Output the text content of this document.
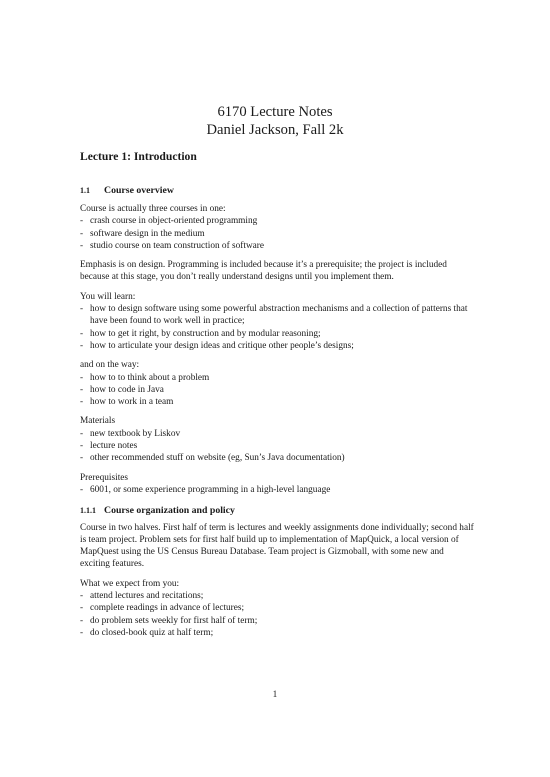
6170 Lecture Notes
Daniel Jackson, Fall 2k
Lecture 1: Introduction
1.1 Course overview

Course is actually three courses in one:

- crash course in object-oriented programming

- software design in the medium

- studio course on team construction of software

Emphasis is on design. Programming is included because it’s a prerequisite; the project is included because at this stage, you don’t really understand designs until you implement them.

You will learn:

- how to design software using some powerful abstraction mechanisms and a collection of patterns that have been found to work well in practice;

- how to get it right, by construction and by modular reasoning;

- how to articulate your design ideas and critique other people’s designs;

and on the way:

- how to to think about a problem

- how to code in Java

- how to work in a team

Materials

- new textbook by Liskov

- lecture notes

- other recommended stuff on website (eg, Sun’s Java documentation)

Prerequisites

- 6001, or some experience programming in a high-level language

1.1.1 Course organization and policy

Course in two halves. First half of term is lectures and weekly assignments done individually; second half is team project. Problem sets for first half build up to implementation of MapQuick, a local version of MapQuest using the US Census Bureau Database. Team project is Gizmoball, with some new and exciting features.

What we expect from you:

- attend lectures and recitations;

- complete readings in advance of lectures;

- do problem sets weekly for first half of term;

- do closed-book quiz at half term;

1
